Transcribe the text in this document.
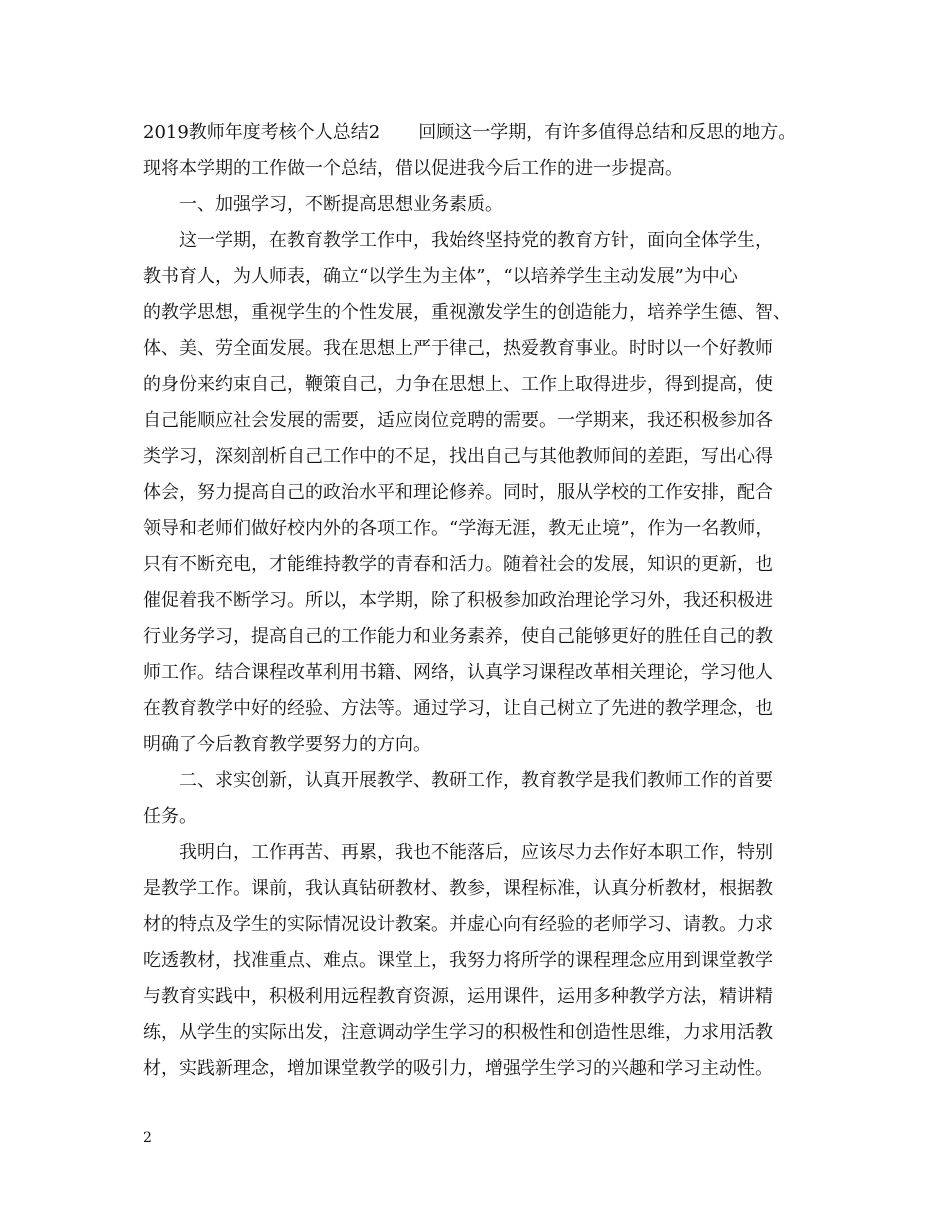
2019教师年度考核个人总结2 回顾这一学期，有许多值得总结和反思的地方。
现将本学期的工作做一个总结，借以促进我今后工作的进一步提高。
一、加强学习，不断提高思想业务素质。
这一学期，在教育教学工作中，我始终坚持党的教育方针，面向全体学生，
教书育人，为人师表，确立“以学生为主体”，“以培养学生主动发展”为中心
的教学思想，重视学生的个性发展，重视激发学生的创造能力，培养学生德、智、
体、美、劳全面发展。我在思想上严于律己，热爱教育事业。时时以一个好教师
的身份来约束自己，鞭策自己，力争在思想上、工作上取得进步，得到提高，使
自己能顺应社会发展的需要，适应岗位竞聘的需要。一学期来，我还积极参加各
类学习，深刻剖析自己工作中的不足，找出自己与其他教师间的差距，写出心得
体会，努力提高自己的政治水平和理论修养。同时，服从学校的工作安排，配合
领导和老师们做好校内外的各项工作。“学海无涯，教无止境”，作为一名教师，
只有不断充电，才能维持教学的青春和活力。随着社会的发展，知识的更新，也
催促着我不断学习。所以，本学期，除了积极参加政治理论学习外，我还积极进
行业务学习，提高自己的工作能力和业务素养，使自己能够更好的胜任自己的教
师工作。结合课程改革利用书籍、网络，认真学习课程改革相关理论，学习他人
在教育教学中好的经验、方法等。通过学习，让自己树立了先进的教学理念，也
明确了今后教育教学要努力的方向。
二、求实创新，认真开展教学、教研工作，教育教学是我们教师工作的首要
任务。
我明白，工作再苦、再累，我也不能落后，应该尽力去作好本职工作，特别
是教学工作。课前，我认真钻研教材、教参，课程标准，认真分析教材，根据教
材的特点及学生的实际情况设计教案。并虚心向有经验的老师学习、请教。力求
吃透教材，找准重点、难点。课堂上，我努力将所学的课程理念应用到课堂教学
与教育实践中，积极利用远程教育资源，运用课件，运用多种教学方法，精讲精
练，从学生的实际出发，注意调动学生学习的积极性和创造性思维，力求用活教
材，实践新理念，增加课堂教学的吸引力，增强学生学习的兴趣和学习主动性。
2
